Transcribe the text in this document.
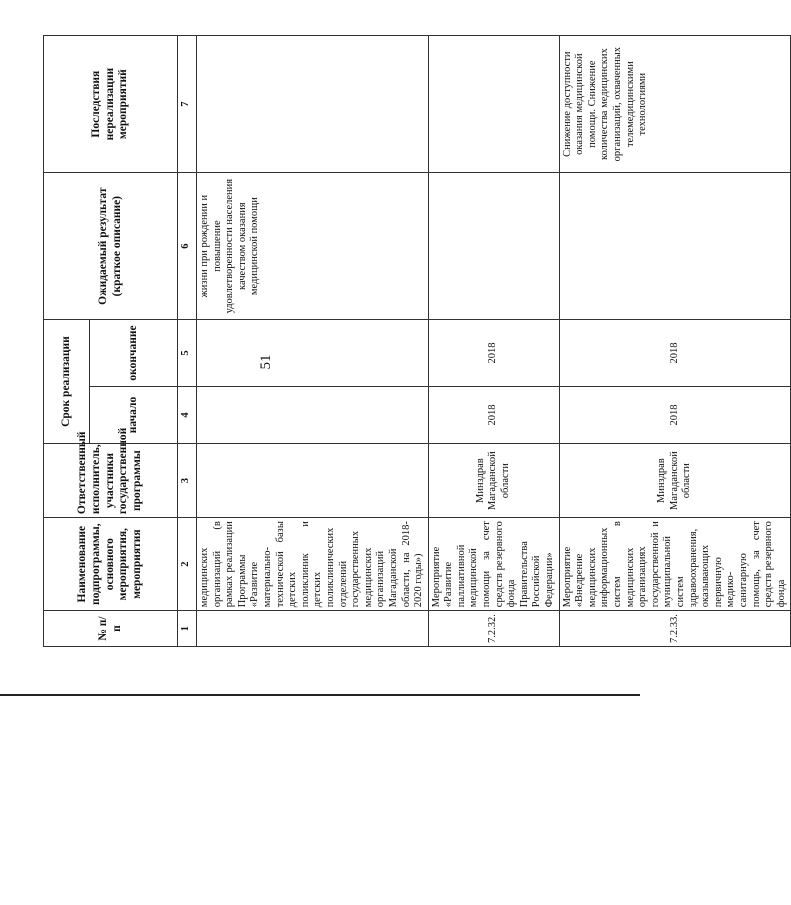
51
№ п/п	Наименование подпрограммы, основного мероприятия, мероприятия	Ответственный исполнитель, участники государственной программы	Срок реализации		Ожидаемый результат (краткое описание)	Последствия нереализации мероприятий
			начало	окончание		
1	2	3	4	5	6	7
	медицинских организаций (в рамках реализации Программы «Развитие материально-технической базы детских поликлиник и детских поликлинических отделений государственных медицинских организаций Магаданской области, на 2018-2020 годы»)				жизни при рождении и повышение удовлетворенности населения качеством оказания медицинской помощи	
7.2.32.	Мероприятие «Развитие паллиативной медицинской помощи за счет средств резервного фонда Правительства Российской Федерации»	Минздрав Магаданской области	2018	2018		
7.2.33.	Мероприятие «Внедрение медицинских информационных систем в медицинских организациях государственной и муниципальной систем здравоохранения, оказывающих первичную медико-санитарную помощь, за счет средств резервного фонда	Минздрав Магаданской области	2018	2018		Снижение доступности оказания медицинской помощи. Снижение количества медицинских организаций, охваченных телемедицинскими технологиями
